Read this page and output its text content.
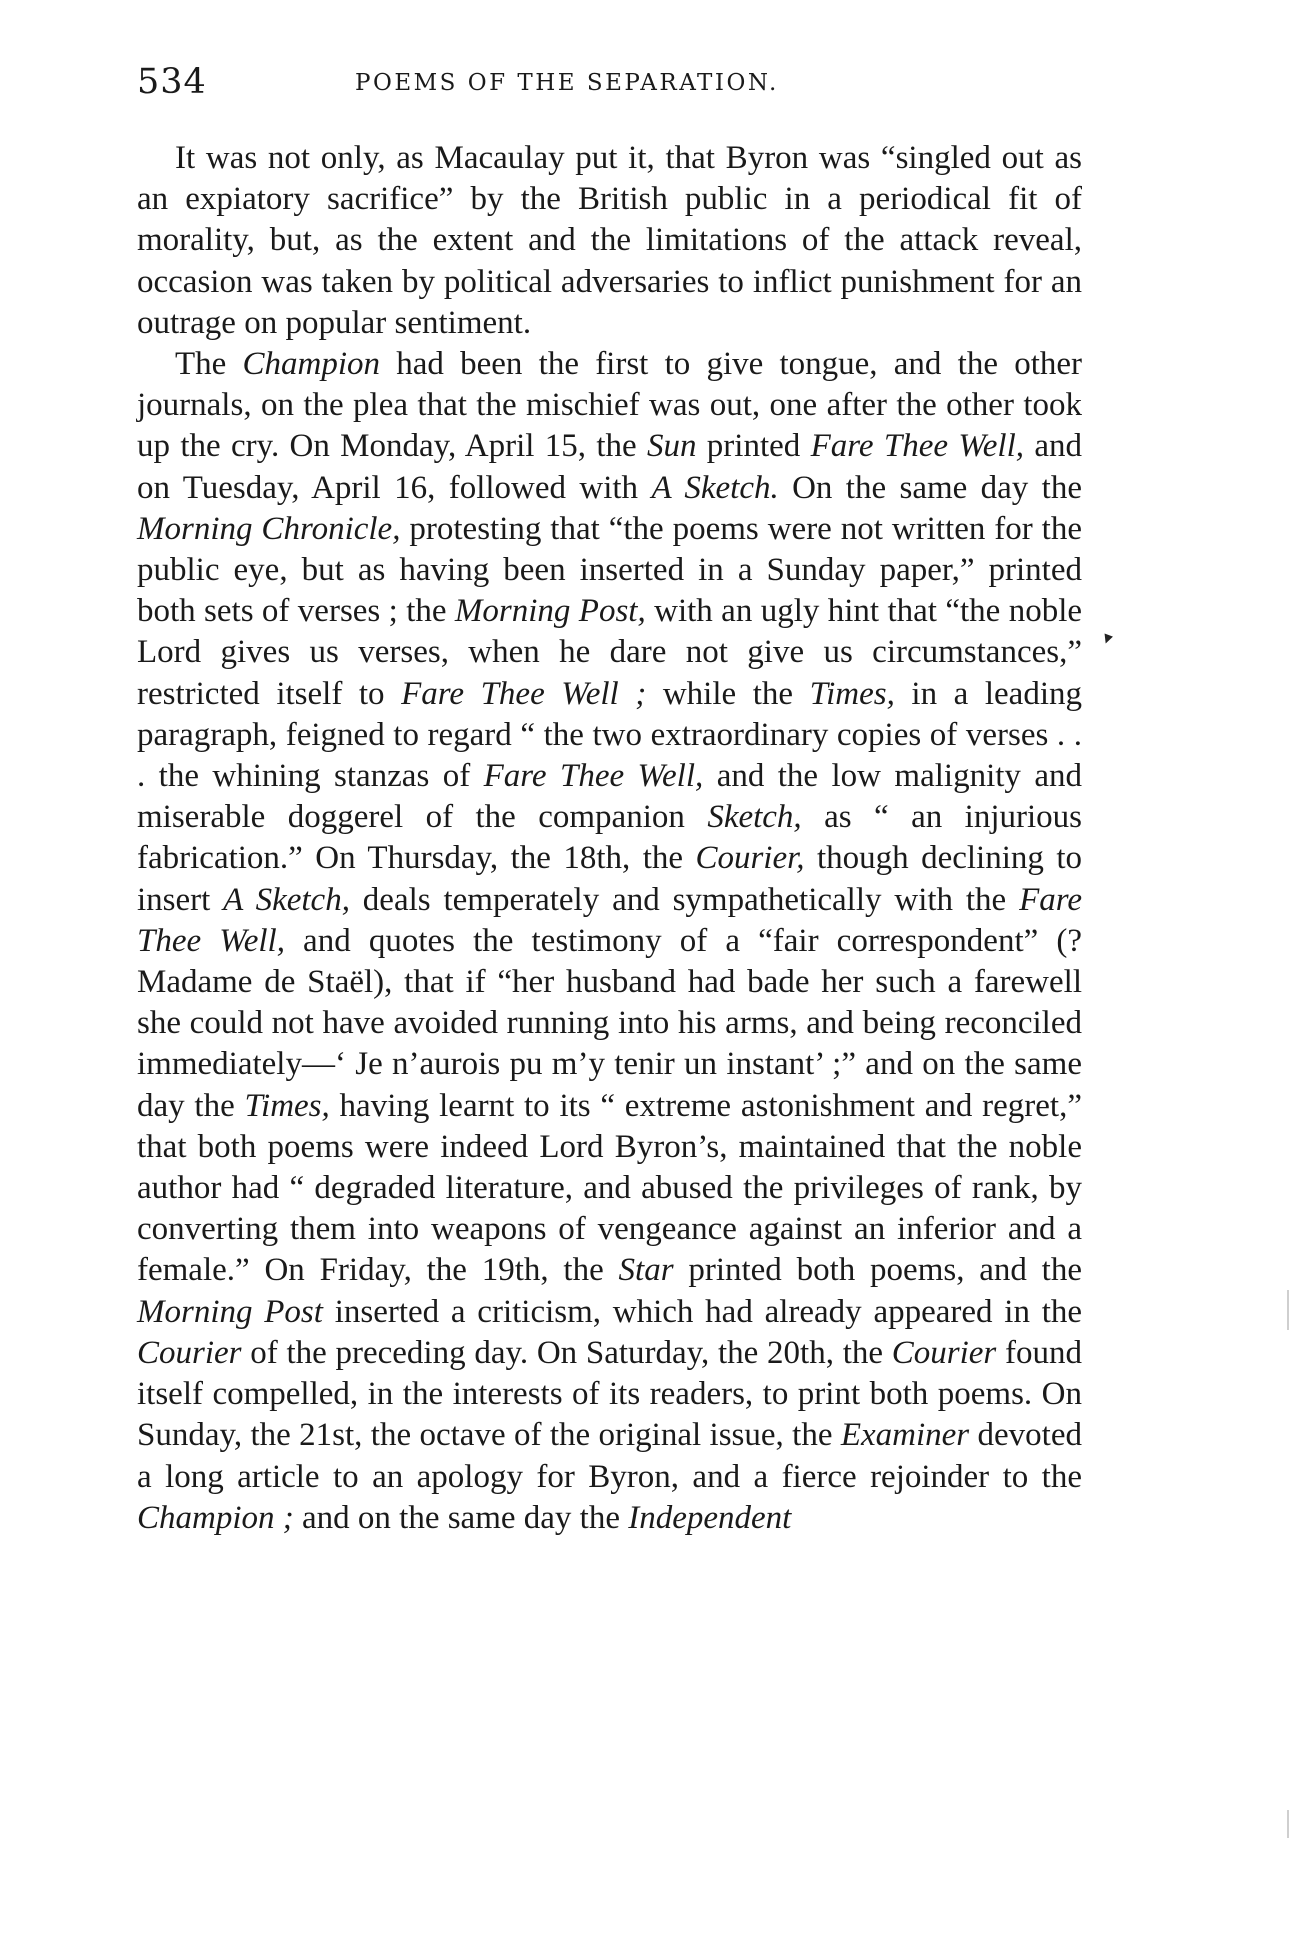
534	POEMS OF THE SEPARATION.

It was not only, as Macaulay put it, that Byron was “singled out as an expiatory sacrifice” by the British public in a periodical fit of morality, but, as the extent and the limitations of the attack reveal, occasion was taken by political adversaries to inflict punishment for an outrage on popular sentiment.

The Champion had been the first to give tongue, and the other journals, on the plea that the mischief was out, one after the other took up the cry. On Monday, April 15, the Sun printed Fare Thee Well, and on Tuesday, April 16, followed with A Sketch. On the same day the Morning Chronicle, protesting that “the poems were not written for the public eye, but as having been inserted in a Sunday paper,” printed both sets of verses ; the Morning Post, with an ugly hint that “the noble Lord gives us verses, when he dare not give us circumstances,” restricted itself to Fare Thee Well ; while the Times, in a leading paragraph, feigned to regard “ the two extraordinary copies of verses . . . the whining stanzas of Fare Thee Well, and the low malignity and miserable doggerel of the companion Sketch, as “ an injurious fabrication.” On Thursday, the 18th, the Courier, though declining to insert A Sketch, deals temperately and sympathetically with the Fare Thee Well, and quotes the testimony of a “fair correspondent” (? Madame de Staël), that if “her husband had bade her such a farewell she could not have avoided running into his arms, and being reconciled immediately—‘ Je n’aurois pu m’y tenir un instant’ ;” and on the same day the Times, having learnt to its “ extreme astonishment and regret,” that both poems were indeed Lord Byron’s, maintained that the noble author had “ degraded literature, and abused the privileges of rank, by converting them into weapons of vengeance against an inferior and a female.” On Friday, the 19th, the Star printed both poems, and the Morning Post inserted a criticism, which had already appeared in the Courier of the preceding day. On Saturday, the 20th, the Courier found itself compelled, in the interests of its readers, to print both poems. On Sunday, the 21st, the octave of the original issue, the Examiner devoted a long article to an apology for Byron, and a fierce rejoinder to the Champion ; and on the same day the Independent

▾
